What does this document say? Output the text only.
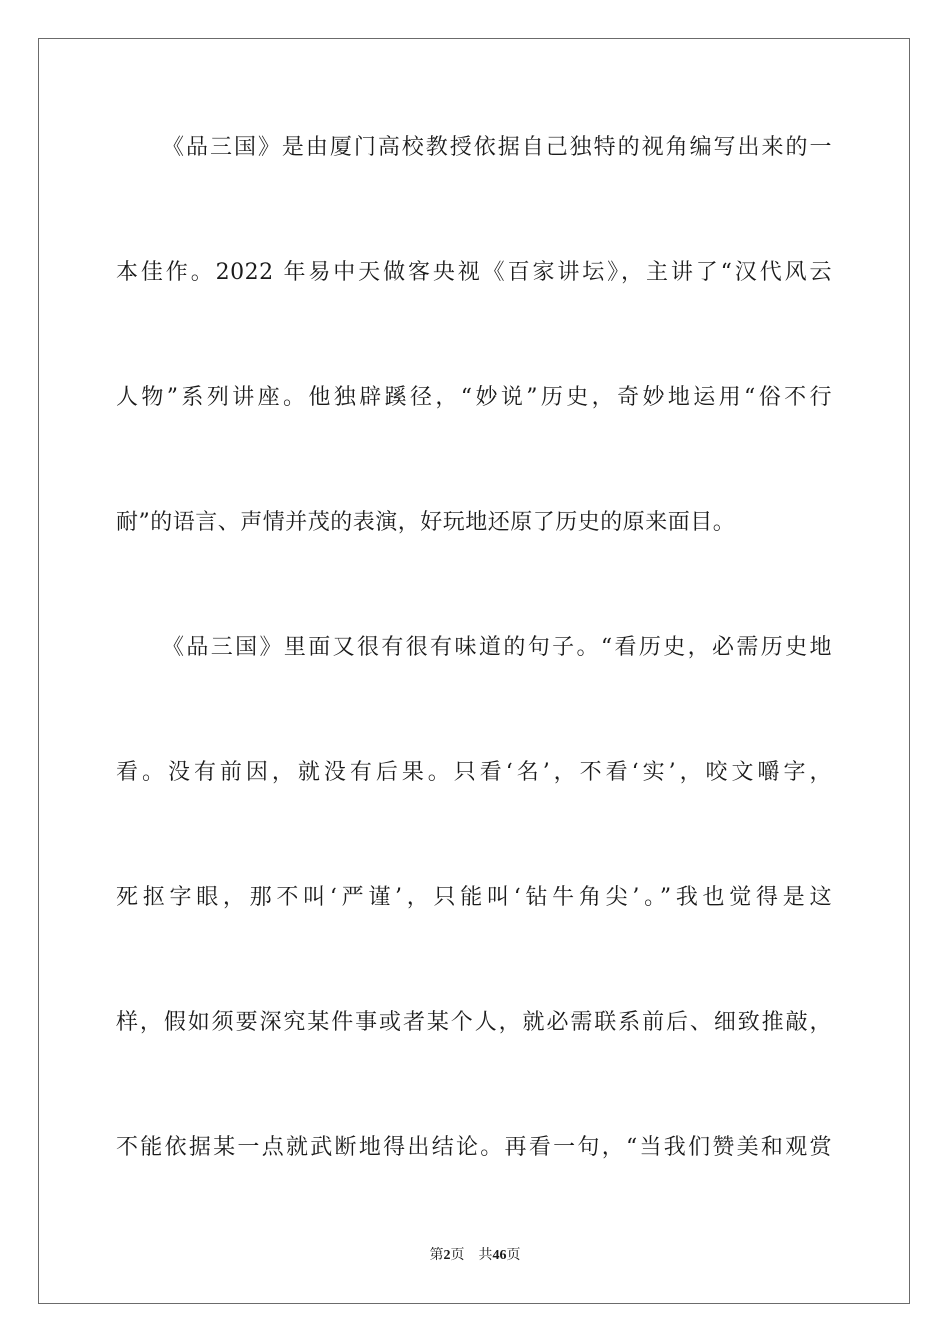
《品三国》是由厦门高校教授依据自己独特的视角编写出来的一
本佳作。2022 年易中天做客央视《百家讲坛》，主讲了“汉代风云
人物”系列讲座。他独辟蹊径，“妙说”历史，奇妙地运用“俗不行
耐”的语言、声情并茂的表演，好玩地还原了历史的原来面目。
《品三国》里面又很有很有味道的句子。“看历史，必需历史地
看。没有前因，就没有后果。只看‘名’，不看‘实’，咬文嚼字，
死抠字眼，那不叫‘严谨’，只能叫‘钻牛角尖’。”我也觉得是这
样，假如须要深究某件事或者某个人，就必需联系前后、细致推敲，
不能依据某一点就武断地得出结论。再看一句，“当我们赞美和观赏
第2页 共46页
